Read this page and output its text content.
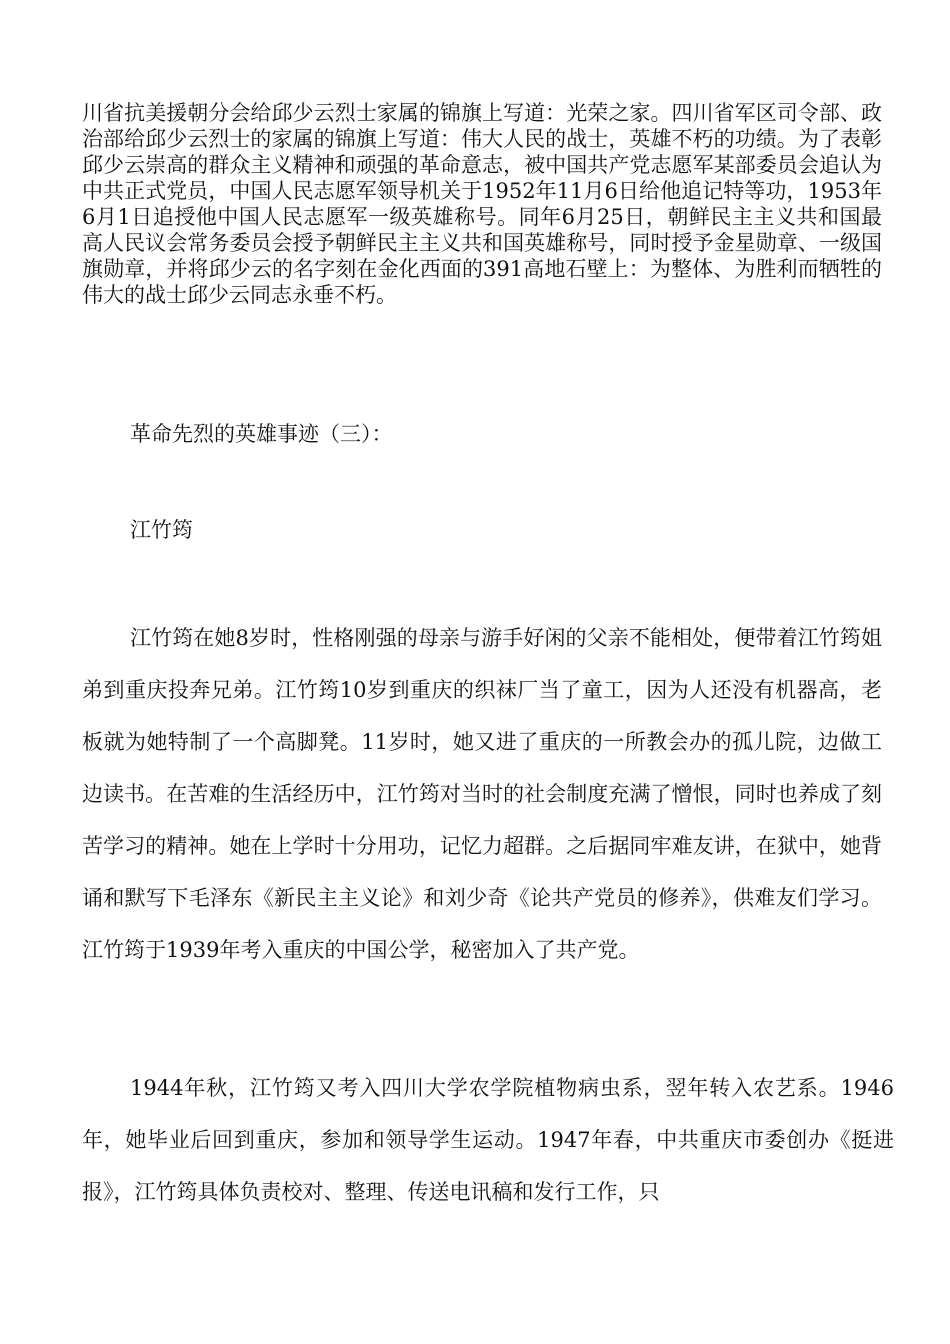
川省抗美援朝分会给邱少云烈士家属的锦旗上写道：光荣之家。四川省军区司令部、政治部给邱少云烈士的家属的锦旗上写道：伟大人民的战士，英雄不朽的功绩。为了表彰邱少云崇高的群众主义精神和顽强的革命意志，被中国共产党志愿军某部委员会追认为中共正式党员，中国人民志愿军领导机关于1952年11月6日给他追记特等功，1953年6月1日追授他中国人民志愿军一级英雄称号。同年6月25日，朝鲜民主主义共和国最高人民议会常务委员会授予朝鲜民主主义共和国英雄称号，同时授予金星勋章、一级国旗勋章，并将邱少云的名字刻在金化西面的391高地石壁上：为整体、为胜利而牺牲的伟大的战士邱少云同志永垂不朽。

革命先烈的英雄事迹（三）：

江竹筠

江竹筠在她8岁时，性格刚强的母亲与游手好闲的父亲不能相处，便带着江竹筠姐弟到重庆投奔兄弟。江竹筠10岁到重庆的织袜厂当了童工，因为人还没有机器高，老板就为她特制了一个高脚凳。11岁时，她又进了重庆的一所教会办的孤儿院，边做工边读书。在苦难的生活经历中，江竹筠对当时的社会制度充满了憎恨，同时也养成了刻苦学习的精神。她在上学时十分用功，记忆力超群。之后据同牢难友讲，在狱中，她背诵和默写下毛泽东《新民主主义论》和刘少奇《论共产党员的修养》，供难友们学习。江竹筠于1939年考入重庆的中国公学，秘密加入了共产党。

1944年秋，江竹筠又考入四川大学农学院植物病虫系，翌年转入农艺系。1946年，她毕业后回到重庆，参加和领导学生运动。1947年春，中共重庆市委创办《挺进报》，江竹筠具体负责校对、整理、传送电讯稿和发行工作，只
